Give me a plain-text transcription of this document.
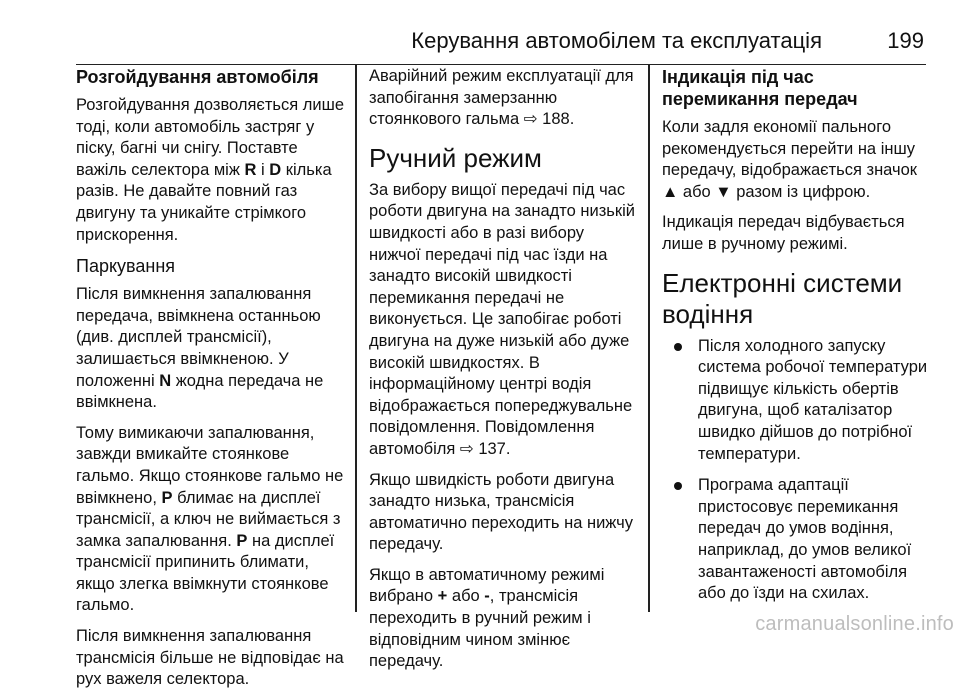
Керування автомобілем та експлуатація	199
Розгойдування автомобіля

Розгойдування дозволяється лише тоді, коли автомобіль застряг у піску, багні чи снігу. Поставте важіль селектора між R і D кілька разів. Не давайте повний газ двигуну та уникайте стрімкого прискорення.

Паркування

Після вимкнення запалювання передача, ввімкнена останньою (див. дисплей трансмісії), залишається ввімкненою. У положенні N жодна передача не ввімкнена.

Тому вимикаючи запалювання, завжди вмикайте стоянкове гальмо. Якщо стоянкове гальмо не ввімкнено, P блимає на дисплеї трансмісії, а ключ не виймається з замка запалювання. P на дисплеї трансмісії припинить блимати, якщо злегка ввімкнути стоянкове гальмо.

Після вимкнення запалювання трансмісія більше не відповідає на рух важеля селектора.

Аварійний режим експлуатації для запобігання замерзанню стоянкового гальма ⇨ 188.

Ручний режим

За вибору вищої передачі під час роботи двигуна на занадто низькій швидкості або в разі вибору нижчої передачі під час їзди на занадто високій швидкості перемикання передачі не виконується. Це запобігає роботі двигуна на дуже низькій або дуже високій швидкостях. В інформаційному центрі водія відображається попереджувальне повідомлення. Повідомлення автомобіля ⇨ 137.

Якщо швидкість роботи двигуна занадто низька, трансмісія автоматично переходить на нижчу передачу.

Якщо в автоматичному режимі вибрано + або -, трансмісія переходить в ручний режим і відповідним чином змінює передачу.

Індикація під час перемикання передач

Коли задля економії пального рекомендується перейти на іншу передачу, відображається значок ▲ або ▼ разом із цифрою.

Індикація передач відбувається лише в ручному режимі.

Електронні системи водіння
Після холодного запуску система робочої температури підвищує кількість обертів двигуна, щоб каталізатор швидко дійшов до потрібної температури.
Програма адаптації пристосовує перемикання передач до умов водіння, наприклад, до умов великої завантаженості автомобіля або до їзди на схилах.
carmanualsonline.info
